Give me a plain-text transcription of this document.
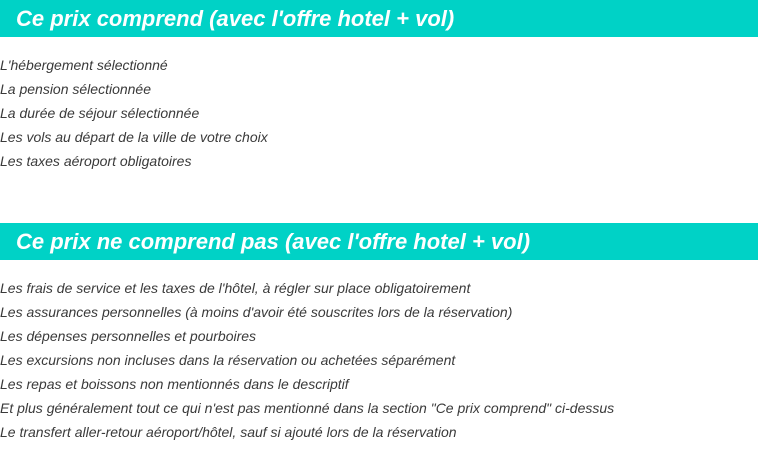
Ce prix comprend (avec l'offre hotel + vol)
L'hébergement sélectionné
La pension sélectionnée
La durée de séjour sélectionnée
Les vols au départ de la ville de votre choix
Les taxes aéroport obligatoires
Ce prix ne comprend pas (avec l'offre hotel + vol)
Les frais de service et les taxes de l'hôtel, à régler sur place obligatoirement
Les assurances personnelles (à moins d'avoir été souscrites lors de la réservation)
Les dépenses personnelles et pourboires
Les excursions non incluses dans la réservation ou achetées séparément
Les repas et boissons non mentionnés dans le descriptif
Et plus généralement tout ce qui n'est pas mentionné dans la section "Ce prix comprend" ci-dessus
Le transfert aller-retour aéroport/hôtel, sauf si ajouté lors de la réservation
